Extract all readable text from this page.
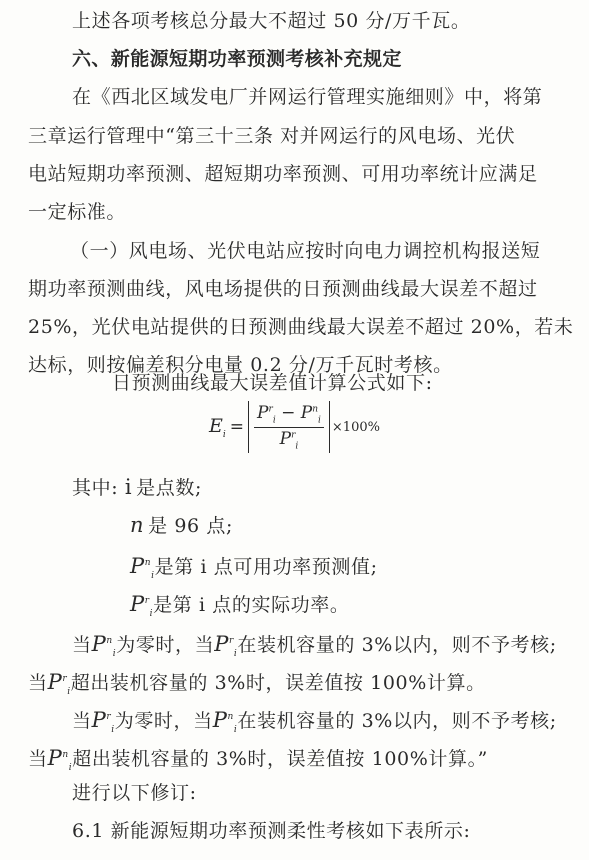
上述各项考核总分最大不超过 50 分/万千瓦。
六、新能源短期功率预测考核补充规定
在《西北区域发电厂并网运行管理实施细则》中，将第
三章运行管理中“第三十三条 对并网运行的风电场、光伏
电站短期功率预测、超短期功率预测、可用功率统计应满足
一定标准。
（一）风电场、光伏电站应按时向电力调控机构报送短
期功率预测曲线，风电场提供的日预测曲线最大误差不超过
25%，光伏电站提供的日预测曲线最大误差不超过 20%，若未
达标，则按偏差积分电量 0.2 分/万千瓦时考核。
日预测曲线最大误差值计算公式如下:
$E_i = \frac{P^r_i - P^n_i}{P^r_i} \times 100\%$
其中: i 是点数;
n 是 96 点;
$P^n_i$是第 i 点可用功率预测值;
$P^r_i$是第 i 点的实际功率。
当$P^n_i$为零时，当$P^r_i$在装机容量的 3%以内，则不予考核;
当$P^r_i$超出装机容量的 3%时，误差值按 100%计算。
当$P^r_i$为零时，当$P^n_i$在装机容量的 3%以内，则不予考核;
当$P^n_i$超出装机容量的 3%时，误差值按 100%计算。”
进行以下修订:
6.1 新能源短期功率预测柔性考核如下表所示:
